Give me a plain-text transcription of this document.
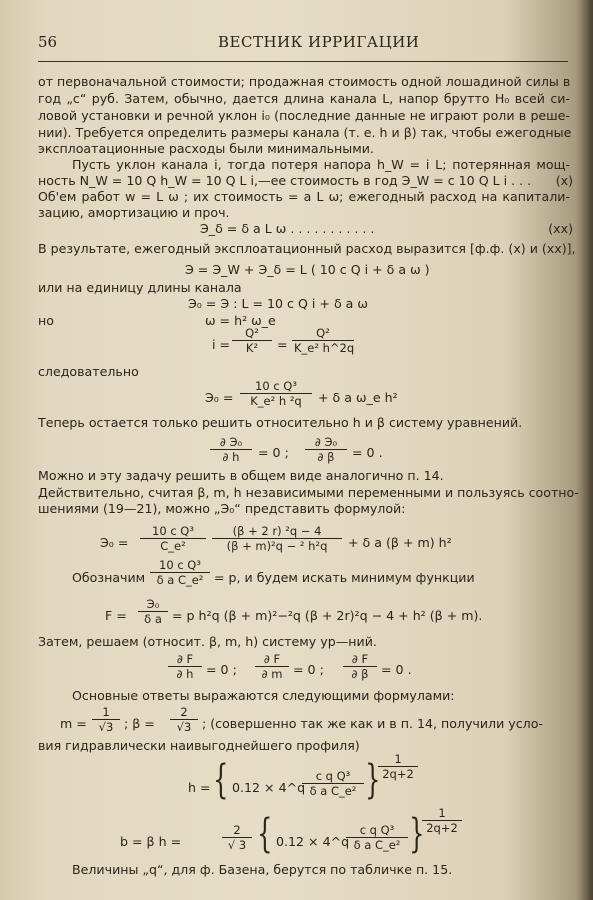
56	ВЕСТНИК ИРРИГАЦИИ
от первоначальной стоимости; продажная стоимость одной лошадиной силы в
год „c“ руб. Затем, обычно, дается длина канала L, напор брутто H₀ всей си-
ловой установки и речной уклон i₀ (последние данные не играют роли в реше-
нии). Требуется определить размеры канала (т. е. h и β) так, чтобы ежегодные
эксплоатационные расходы были минимальными.
Пусть уклон канала i, тогда потеря напора h_W = i L; потерянная мощ-
ность N_W = 10 Q h_W = 10 Q L i,—ее стоимость в год Э_W = c 10 Q L i . . . (x)
Об'ем работ w = L ω ; их стоимость = a L ω; ежегодный расход на капитали-
зацию, амортизацию и проч.
Э_δ = δ a L ω . . . . . . . . . . .	(xx)
В результате, ежегодный эксплоатационный расход выразится [ф.ф. (x) и (xx)],
Э = Э_W + Э_δ = L ( 10 c Q i + δ a ω )
или на единицу длины канала
Э₀ = Э : L = 10 c Q i + δ a ω
но	ω = h² ω_e
i =
Q²
K²	=
Q²
K_e² h^2q
следовательно
Э₀ =
10 c Q³
K_e² h ²q	+ δ a ω_e h²
Теперь остается только решить относительно h и β систему уравнений.
∂ Э₀
∂ h	= 0 ;
∂ Э₀
∂ β	= 0 .
Можно и эту задачу решить в общем виде аналогично п. 14.
Действительно, считая β, m, h независимыми переменными и пользуясь соотно-
шениями (19—21), можно „Э₀“ представить формулой:
Э₀ =
10 c Q³
C_e²
(β + 2 r) ²q − 4
(β + m)²q − ² h²q	+ δ a (β + m) h²
Обозначим
10 c Q³
δ a C_e² = p, и будем искать минимум функции
F =
Э₀
δ a = p h²q (β + m)²−²q (β + 2r)²q − 4 + h² (β + m).
Затем, решаем (относит. β, m, h) систему ур—ний.
∂ F
∂ h = 0 ;
∂ F
∂ m = 0 ;
∂ F
∂ β = 0 .
Основные ответы выражаются следующими формулами:
m =
1
√3 ; β =
2
√3 ; (совершенно так же как и в п. 14, получили усло-
вия гидравлически наивыгоднейшего профиля)
h = { 0.12 × 4^q
c q Q³
δ a C_e² }	1
2q+2
b = β h =
2
√ 3 { 0.12 × 4^q
c q Q³
δ a C_e² }	1
2q+2
Величины „q“, для ф. Базена, берутся по табличке п. 15.
